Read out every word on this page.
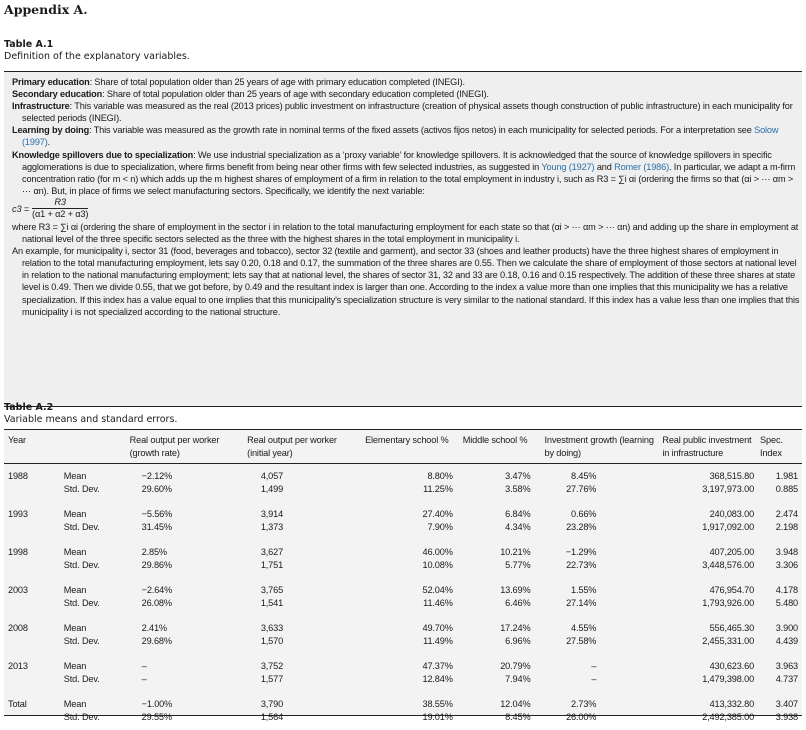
Appendix A.
Table A.1
Definition of the explanatory variables.

Primary education: Share of total population older than 25 years of age with primary education completed (INEGI).

Secondary education: Share of total population older than 25 years of age with secondary education completed (INEGI).

Infrastructure: This variable was measured as the real (2013 prices) public investment on infrastructure (creation of physical assets though construction of public infrastructure) in each municipality for selected periods (INEGI).

Learning by doing: This variable was measured as the growth rate in nominal terms of the fixed assets (activos fijos netos) in each municipality for selected periods. For a interpretation see Solow (1997).

Knowledge spillovers due to specialization: We use industrial specialization as a ‘proxy variable’ for knowledge spillovers. It is acknowledged that the source of knowledge spillovers in specific agglomerations is due to specialization, where firms benefit from being near other firms with few selected industries, as suggested in Young (1927) and Romer (1986). In particular, we adapt a m-firm concentration ratio (for m < n) which adds up the m highest shares of employment of a firm in relation to the total employment in industry i, such as R3 = ∑i αi (ordering the firms so that (αi > ⋯ αm > ⋯ αn). But, in place of firms we select manufacturing sectors. Specifically, we identify the next variable:

$c3 = \frac{R3}{(\alpha 1 + \alpha 2 + \alpha 3)}$

where R3 = ∑i αi (ordering the share of employment in the sector i in relation to the total manufacturing employment for each state so that (αi > ⋯ αm > ⋯ αn) and adding up the share in employment at national level of the three specific sectors selected as the three with the highest shares in the total employment in municipality i.

An example, for municipality i, sector 31 (food, beverages and tobacco), sector 32 (textile and garment), and sector 33 (shoes and leather products) have the three highest shares of employment in relation to the total manufacturing employment, lets say 0.20, 0.18 and 0.17, the summation of the three shares are 0.55. Then we calculate the share of employment of those sectors at national level in relation to the national manufacturing employment; lets say that at national level, the shares of sector 31, 32 and 33 are 0.18, 0.16 and 0.15 respectively. The addition of these three shares at state level is 0.49. Then we divide 0.55, that we got before, by 0.49 and the resultant index is larger than one. According to the index a value more than one implies that this municipality we has a relative specialization. If this index has a value equal to one implies that this municipality's specialization structure is very similar to the national standard. If this index has a value less than one implies that this municipality i is not specialized according to the national structure.

Table A.2
Variable means and standard errors.
Year		Real output per worker (growth rate)	Real output per worker (initial year)	Elementary school %	Middle school %	Investment growth (learning by doing)	Real public investment in infrastructure	Spec. Index
1988	Mean	−2.12%	4,057	8.80%	3.47%	8.45%	368,515.80	1.981
	Std. Dev.	29.60%	1,499	11.25%	3.58%	27.76%	3,197,973.00	0.885
1993	Mean	−5.56%	3,914	27.40%	6.84%	0.66%	240,083.00	2.474
	Std. Dev.	31.45%	1,373	7.90%	4.34%	23.28%	1,917,092.00	2.198
1998	Mean	2.85%	3,627	46.00%	10.21%	−1.29%	407,205.00	3.948
	Std. Dev.	29.86%	1,751	10.08%	5.77%	22.73%	3,448,576.00	3.306
2003	Mean	−2.64%	3,765	52.04%	13.69%	1.55%	476,954.70	4.178
	Std. Dev.	26.08%	1,541	11.46%	6.46%	27.14%	1,793,926.00	5.480
2008	Mean	2.41%	3,633	49.70%	17.24%	4.55%	556,465.30	3.900
	Std. Dev.	29.68%	1,570	11.49%	6.96%	27.58%	2,455,331.00	4.439
2013	Mean	–	3,752	47.37%	20.79%	–	430,623.60	3.963
	Std. Dev.	–	1,577	12.84%	7.94%	–	1,479,398.00	4.737
Total	Mean	−1.00%	3,790	38.55%	12.04%	2.73%	413,332.80	3.407
	Std. Dev.	29.55%	1,564	19.01%	8.45%	26.00%	2,492,385.00	3.938
